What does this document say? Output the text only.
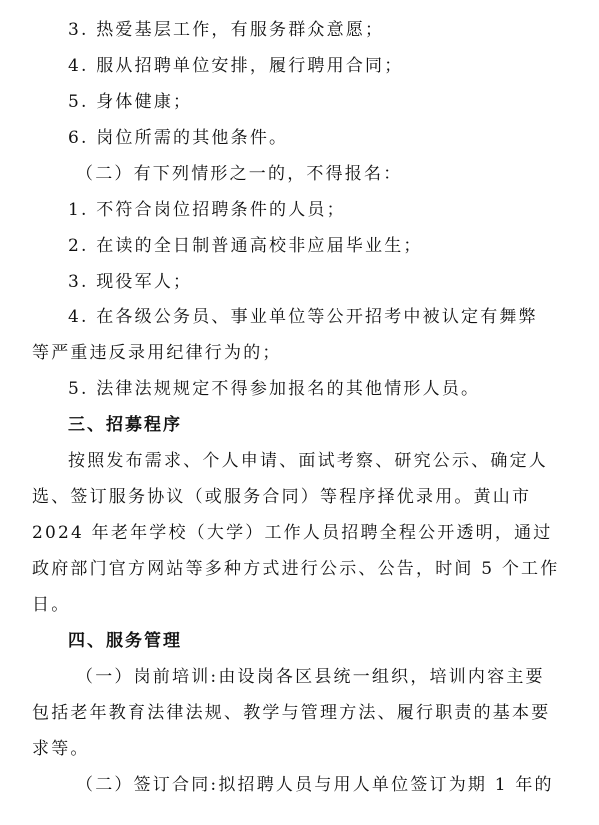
3. 热爱基层工作，有服务群众意愿；
4. 服从招聘单位安排，履行聘用合同；
5. 身体健康；
6. 岗位所需的其他条件。
（二）有下列情形之一的，不得报名：
1. 不符合岗位招聘条件的人员；
2. 在读的全日制普通高校非应届毕业生；
3. 现役军人；
4. 在各级公务员、事业单位等公开招考中被认定有舞弊
等严重违反录用纪律行为的；
5. 法律法规规定不得参加报名的其他情形人员。
三、招募程序
按照发布需求、个人申请、面试考察、研究公示、确定人
选、签订服务协议（或服务合同）等程序择优录用。黄山市
2024 年老年学校（大学）工作人员招聘全程公开透明，通过
政府部门官方网站等多种方式进行公示、公告，时间 5 个工作
日。
四、服务管理
（一）岗前培训:由设岗各区县统一组织，培训内容主要
包括老年教育法律法规、教学与管理方法、履行职责的基本要
求等。
（二）签订合同:拟招聘人员与用人单位签订为期 1 年的
